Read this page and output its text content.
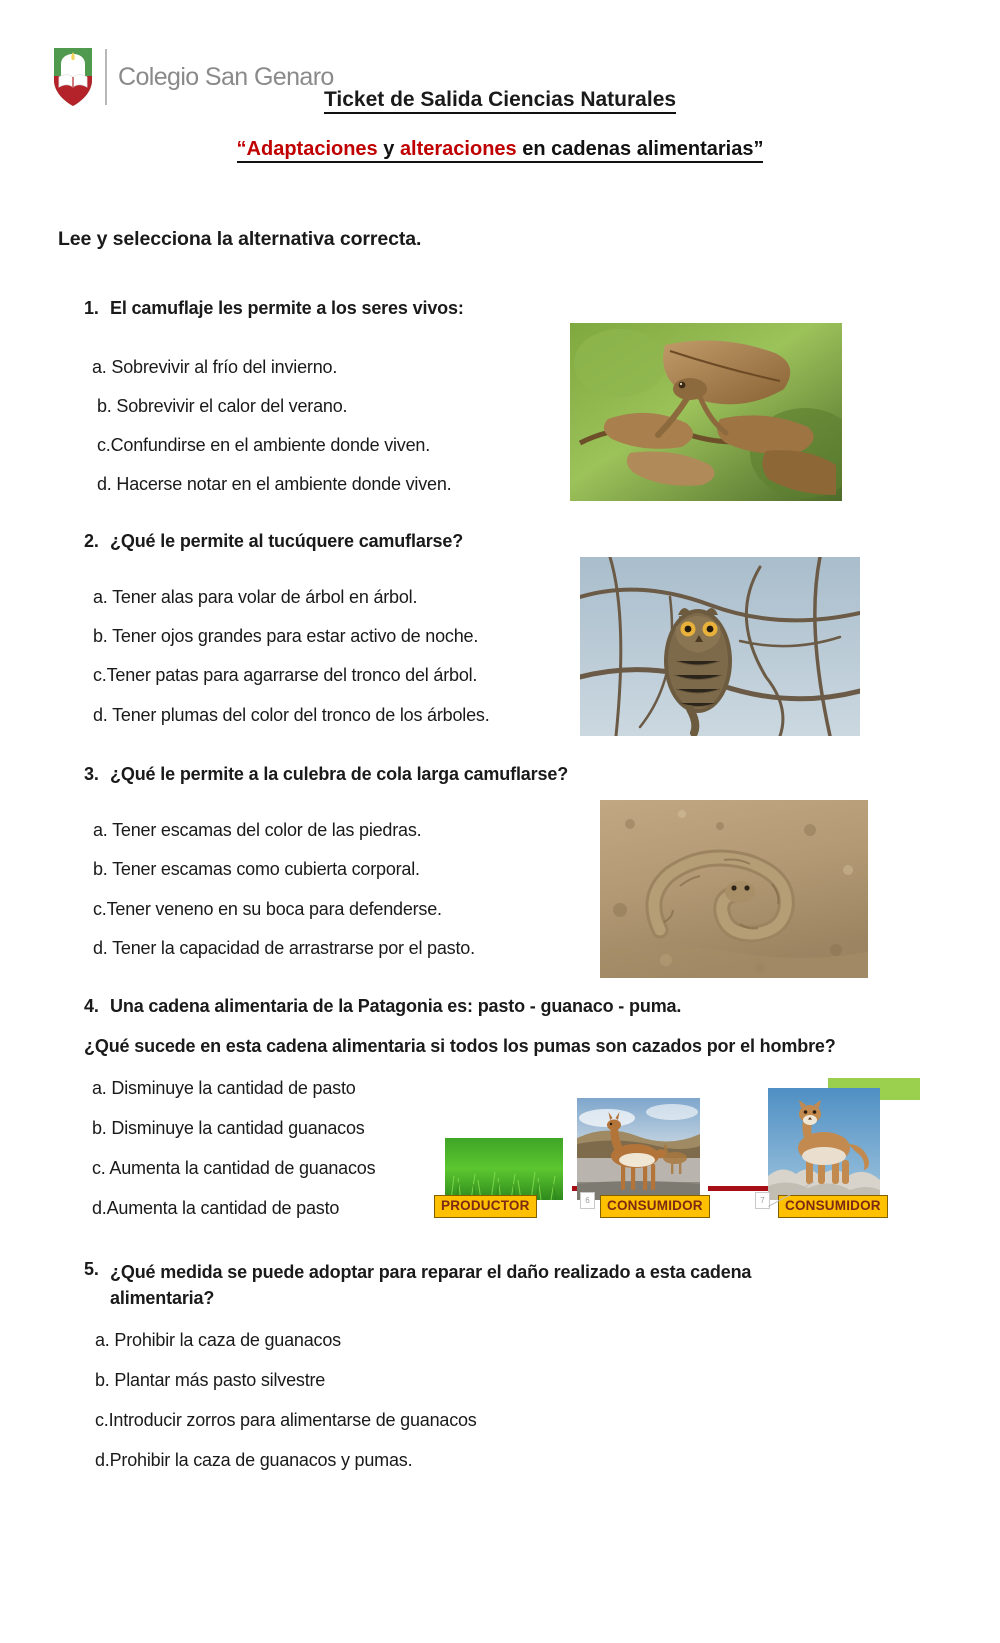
Colegio San Genaro
Ticket de Salida Ciencias Naturales
“Adaptaciones y alteraciones en cadenas alimentarias”
Lee y selecciona la alternativa correcta.
1. El camuflaje les permite a los seres vivos:
a. Sobrevivir al frío del invierno.
b. Sobrevivir el calor del verano.
c.Confundirse en el ambiente donde viven.
d. Hacerse notar en el ambiente donde viven.
2. ¿Qué le permite al tucúquere camuflarse?
a. Tener alas para volar de árbol en árbol.
b. Tener ojos grandes para estar activo de noche.
c.Tener patas para agarrarse del tronco del árbol.
d. Tener plumas del color del tronco de los árboles.
3. ¿Qué le permite a la culebra de cola larga camuflarse?
a. Tener escamas del color de las piedras.
b. Tener escamas como cubierta corporal.
c.Tener veneno en su boca para defenderse.
d. Tener la capacidad de arrastrarse por el pasto.
4. Una cadena alimentaria de la Patagonia es: pasto - guanaco - puma.
¿Qué sucede en esta cadena alimentaria si todos los pumas son cazados por el hombre?
a. Disminuye la cantidad de pasto
b. Disminuye la cantidad guanacos
c. Aumenta la cantidad de guanacos
d.Aumenta la cantidad de pasto	PRODUCTOR	6	CONSUMIDOR	7	CONSUMIDOR
5. ¿Qué medida se puede adoptar para reparar el daño realizado a esta cadena alimentaria?
a. Prohibir la caza de guanacos
b. Plantar más pasto silvestre
c.Introducir zorros para alimentarse de guanacos
d.Prohibir la caza de guanacos y pumas.
